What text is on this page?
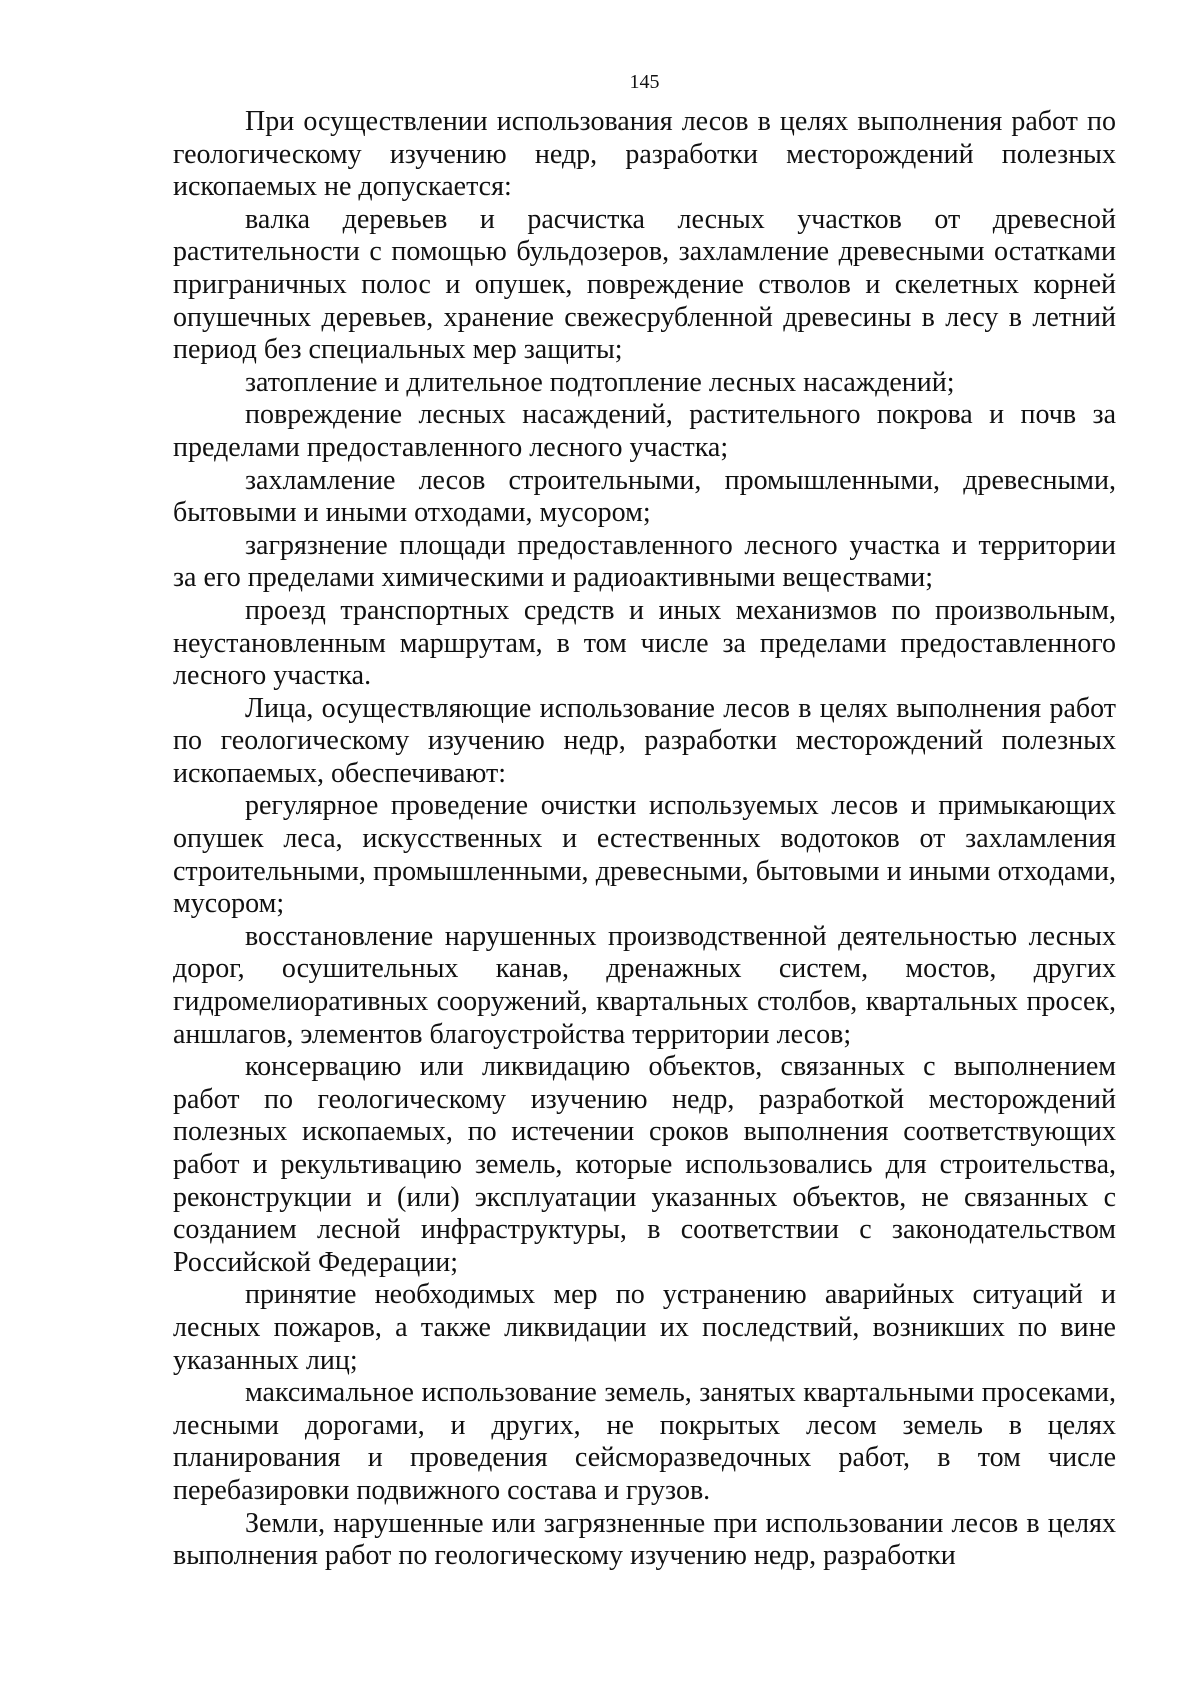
145

При осуществлении использования лесов в целях выполнения работ по геологическому изучению недр, разработки месторождений полезных ископаемых не допускается:

валка деревьев и расчистка лесных участков от древесной растительности с помощью бульдозеров, захламление древесными остатками приграничных полос и опушек, повреждение стволов и скелетных корней опушечных деревьев, хранение свежесрубленной древесины в лесу в летний период без специальных мер защиты;

затопление и длительное подтопление лесных насаждений;

повреждение лесных насаждений, растительного покрова и почв за пределами предоставленного лесного участка;

захламление лесов строительными, промышленными, древесными, бытовыми и иными отходами, мусором;

загрязнение площади предоставленного лесного участка и территории за его пределами химическими и радиоактивными веществами;

проезд транспортных средств и иных механизмов по произвольным, неустановленным маршрутам, в том числе за пределами предоставленного лесного участка.

Лица, осуществляющие использование лесов в целях выполнения работ по геологическому изучению недр, разработки месторождений полезных ископаемых, обеспечивают:

регулярное проведение очистки используемых лесов и примыкающих опушек леса, искусственных и естественных водотоков от захламления строительными, промышленными, древесными, бытовыми и иными отходами, мусором;

восстановление нарушенных производственной деятельностью лесных дорог, осушительных канав, дренажных систем, мостов, других гидромелиоративных сооружений, квартальных столбов, квартальных просек, аншлагов, элементов благоустройства территории лесов;

консервацию или ликвидацию объектов, связанных с выполнением работ по геологическому изучению недр, разработкой месторождений полезных ископаемых, по истечении сроков выполнения соответствующих работ и рекультивацию земель, которые использовались для строительства, реконструкции и (или) эксплуатации указанных объектов, не связанных с созданием лесной инфраструктуры, в соответствии с законодательством Российской Федерации;

принятие необходимых мер по устранению аварийных ситуаций и лесных пожаров, а также ликвидации их последствий, возникших по вине указанных лиц;

максимальное использование земель, занятых квартальными просеками, лесными дорогами, и других, не покрытых лесом земель в целях планирования и проведения сейсморазведочных работ, в том числе перебазировки подвижного состава и грузов.

Земли, нарушенные или загрязненные при использовании лесов в целях выполнения работ по геологическому изучению недр, разработки
